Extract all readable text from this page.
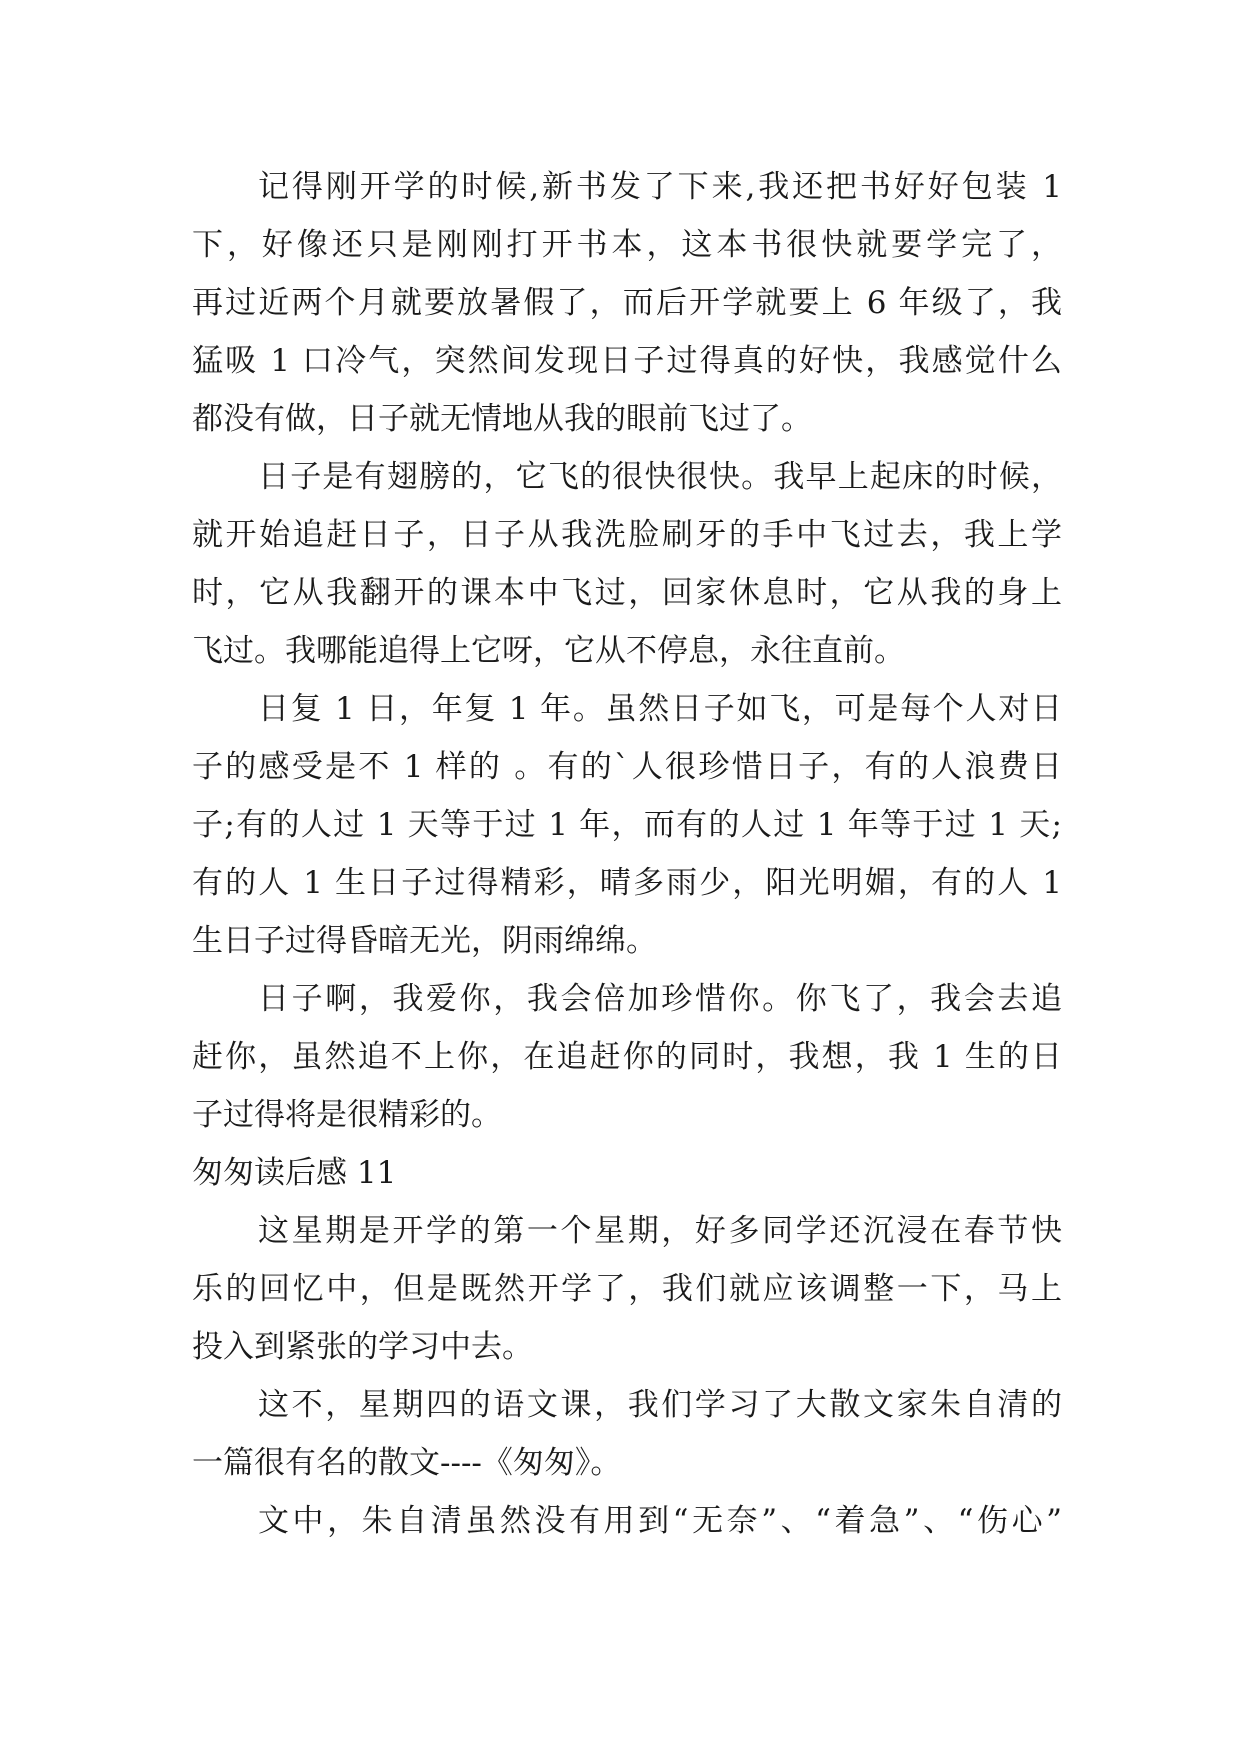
记得刚开学的时候,新书发了下来,我还把书好好包装 1
下，好像还只是刚刚打开书本，这本书很快就要学完了，
再过近两个月就要放暑假了，而后开学就要上 6 年级了，我
猛吸 1 口冷气，突然间发现日子过得真的好快，我感觉什么
都没有做，日子就无情地从我的眼前飞过了。
日子是有翅膀的，它飞的很快很快。我早上起床的时候，
就开始追赶日子，日子从我洗脸刷牙的手中飞过去，我上学
时，它从我翻开的课本中飞过，回家休息时，它从我的身上
飞过。我哪能追得上它呀，它从不停息，永往直前。
日复 1 日，年复 1 年。虽然日子如飞，可是每个人对日
子的感受是不 1 样的 。有的`人很珍惜日子，有的人浪费日
子;有的人过 1 天等于过 1 年，而有的人过 1 年等于过 1 天;
有的人 1 生日子过得精彩，晴多雨少，阳光明媚，有的人 1
生日子过得昏暗无光，阴雨绵绵。
日子啊，我爱你，我会倍加珍惜你。你飞了，我会去追
赶你，虽然追不上你，在追赶你的同时，我想，我 1 生的日
子过得将是很精彩的。
匆匆读后感 11
这星期是开学的第一个星期，好多同学还沉浸在春节快
乐的回忆中，但是既然开学了，我们就应该调整一下，马上
投入到紧张的学习中去。
这不，星期四的语文课，我们学习了大散文家朱自清的
一篇很有名的散文----《匆匆》。
文中，朱自清虽然没有用到“无奈”、“着急”、“伤心”
